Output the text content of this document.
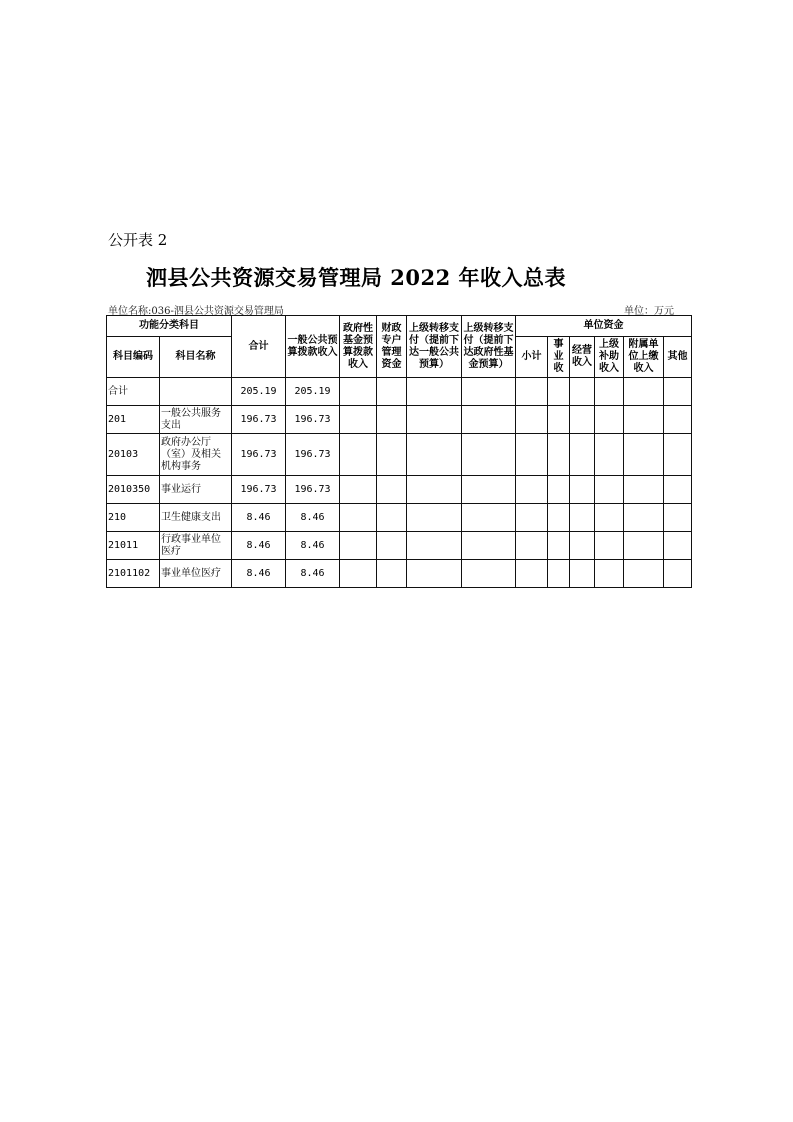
公开表 2
泗县公共资源交易管理局 2022 年收入总表
单位名称:036-泗县公共资源交易管理局	单位：万元
功能分类科目		合计	一般公共预算拨款收入	政府性基金预算拨款收入	财政专户管理资金	上级转移支付（提前下达一般公共预算）	上级转移支付（提前下达政府性基金预算）	单位资金					
科目编码	科目名称							小计	事业收	经营收入	上级补助收入	附属单位上缴收入	其他
合计		205.19	205.19										
201	一般公共服务支出	196.73	196.73										
20103	政府办公厅（室）及相关机构事务	196.73	196.73										
2010350	事业运行	196.73	196.73										
210	卫生健康支出	8.46	8.46										
21011	行政事业单位医疗	8.46	8.46										
2101102	事业单位医疗	8.46	8.46										
